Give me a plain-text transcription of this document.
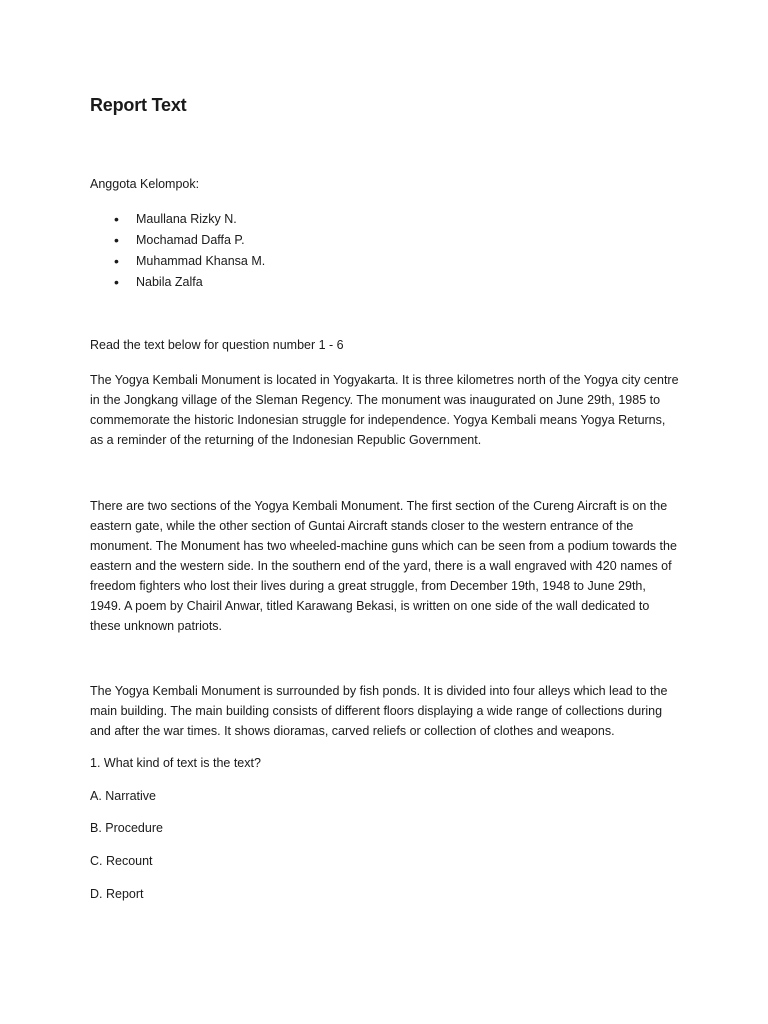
Report Text
Anggota Kelompok:
• Maullana Rizky N.
• Mochamad Daffa P.
• Muhammad Khansa M.
• Nabila Zalfa
Read the text below for question number 1 - 6

The Yogya Kembali Monument is located in Yogyakarta. It is three kilometres north of the Yogya city centre in the Jongkang village of the Sleman Regency. The monument was inaugurated on June 29th, 1985 to commemorate the historic Indonesian struggle for independence. Yogya Kembali means Yogya Returns, as a reminder of the returning of the Indonesian Republic Government.

There are two sections of the Yogya Kembali Monument. The first section of the Cureng Aircraft is on the eastern gate, while the other section of Guntai Aircraft stands closer to the western entrance of the monument. The Monument has two wheeled-machine guns which can be seen from a podium towards the eastern and the western side. In the southern end of the yard, there is a wall engraved with 420 names of freedom fighters who lost their lives during a great struggle, from December 19th, 1948 to June 29th, 1949. A poem by Chairil Anwar, titled Karawang Bekasi, is written on one side of the wall dedicated to these unknown patriots.

The Yogya Kembali Monument is surrounded by fish ponds. It is divided into four alleys which lead to the main building. The main building consists of different floors displaying a wide range of collections during and after the war times. It shows dioramas, carved reliefs or collection of clothes and weapons.

1. What kind of text is the text?
A. Narrative
B. Procedure
C. Recount
D. Report
